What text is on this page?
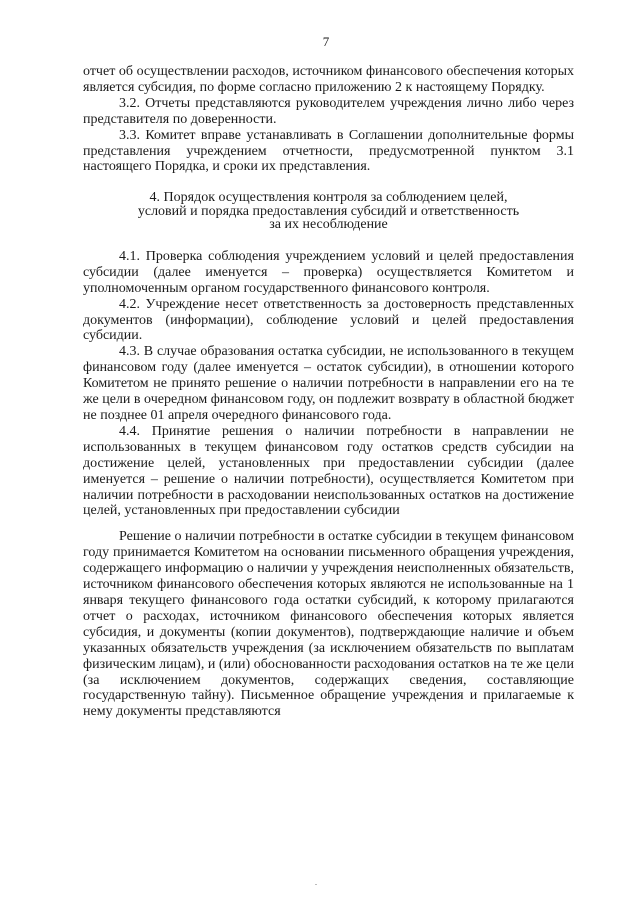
7

отчет об осуществлении расходов, источником финансового обеспечения которых является субсидия, по форме согласно приложению 2 к настоящему Порядку.

3.2. Отчеты представляются руководителем учреждения лично либо через представителя по доверенности.

3.3. Комитет вправе устанавливать в Соглашении дополнительные формы представления учреждением отчетности, предусмотренной пунктом 3.1 настоящего Порядка, и сроки их представления.

4. Порядок осуществления контроля за соблюдением целей,
условий и порядка предоставления субсидий и ответственность
за их несоблюдение

4.1. Проверка соблюдения учреждением условий и целей предоставления субсидии (далее именуется – проверка) осуществляется Комитетом и уполномоченным органом государственного финансового контроля.

4.2. Учреждение несет ответственность за достоверность представленных документов (информации), соблюдение условий и целей предоставления субсидии.

4.3. В случае образования остатка субсидии, не использованного в текущем финансовом году (далее именуется – остаток субсидии), в отношении которого Комитетом не принято решение о наличии потребности в направлении его на те же цели в очередном финансовом году, он подлежит возврату в областной бюджет не позднее 01 апреля очередного финансового года.

4.4. Принятие решения о наличии потребности в направлении не использованных в текущем финансовом году остатков средств субсидии на достижение целей, установленных при предоставлении субсидии (далее именуется – решение о наличии потребности), осуществляется Комитетом при наличии потребности в расходовании неиспользованных остатков на достижение целей, установленных при предоставлении субсидии

Решение о наличии потребности в остатке субсидии в текущем финансовом году принимается Комитетом на основании письменного обращения учреждения, содержащего информацию о наличии у учреждения неисполненных обязательств, источником финансового обеспечения которых являются не использованные на 1 января текущего финансового года остатки субсидий, к которому прилагаются отчет о расходах, источником финансового обеспечения которых является субсидия, и документы (копии документов), подтверждающие наличие и объем указанных обязательств учреждения (за исключением обязательств по выплатам физическим лицам), и (или) обоснованности расходования остатков на те же цели (за исключением документов, содержащих сведения, составляющие государственную тайну). Письменное обращение учреждения и прилагаемые к нему документы представляются
